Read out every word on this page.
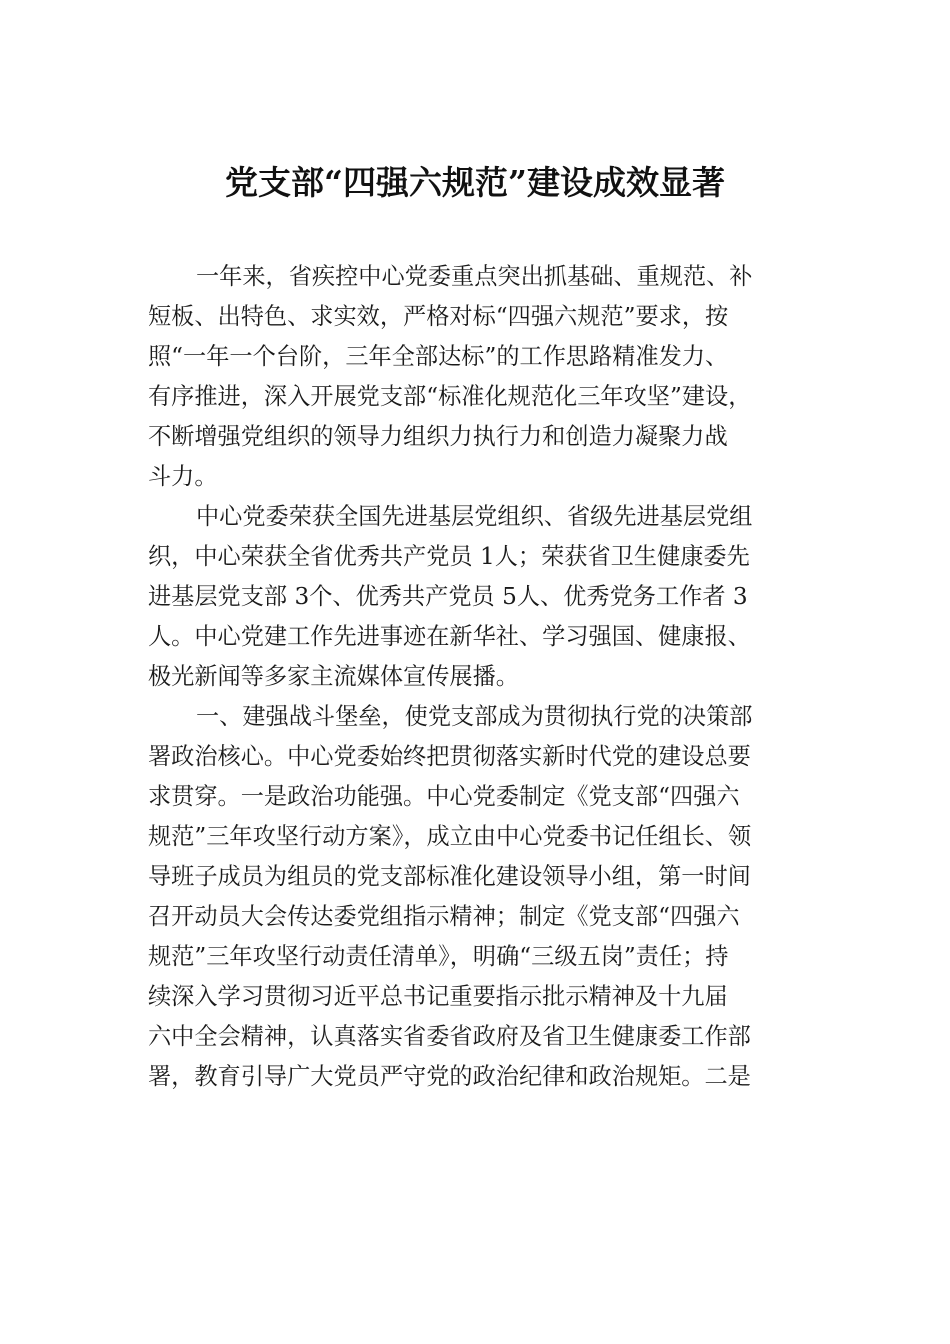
党支部“四强六规范”建设成效显著
一年来，省疾控中心党委重点突出抓基础、重规范、补
短板、出特色、求实效，严格对标“四强六规范”要求，按
照“一年一个台阶，三年全部达标”的工作思路精准发力、
有序推进，深入开展党支部“标准化规范化三年攻坚”建设，
不断增强党组织的领导力组织力执行力和创造力凝聚力战
斗力。
中心党委荣获全国先进基层党组织、省级先进基层党组
织，中心荣获全省优秀共产党员 1人；荣获省卫生健康委先
进基层党支部 3个、优秀共产党员 5人、优秀党务工作者 3
人。中心党建工作先进事迹在新华社、学习强国、健康报、
极光新闻等多家主流媒体宣传展播。
一、建强战斗堡垒，使党支部成为贯彻执行党的决策部
署政治核心。中心党委始终把贯彻落实新时代党的建设总要
求贯穿。一是政治功能强。中心党委制定《党支部“四强六
规范”三年攻坚行动方案》，成立由中心党委书记任组长、领
导班子成员为组员的党支部标准化建设领导小组，第一时间
召开动员大会传达委党组指示精神；制定《党支部“四强六
规范”三年攻坚行动责任清单》，明确“三级五岗”责任；持
续深入学习贯彻习近平总书记重要指示批示精神及十九届
六中全会精神，认真落实省委省政府及省卫生健康委工作部
署，教育引导广大党员严守党的政治纪律和政治规矩。二是
